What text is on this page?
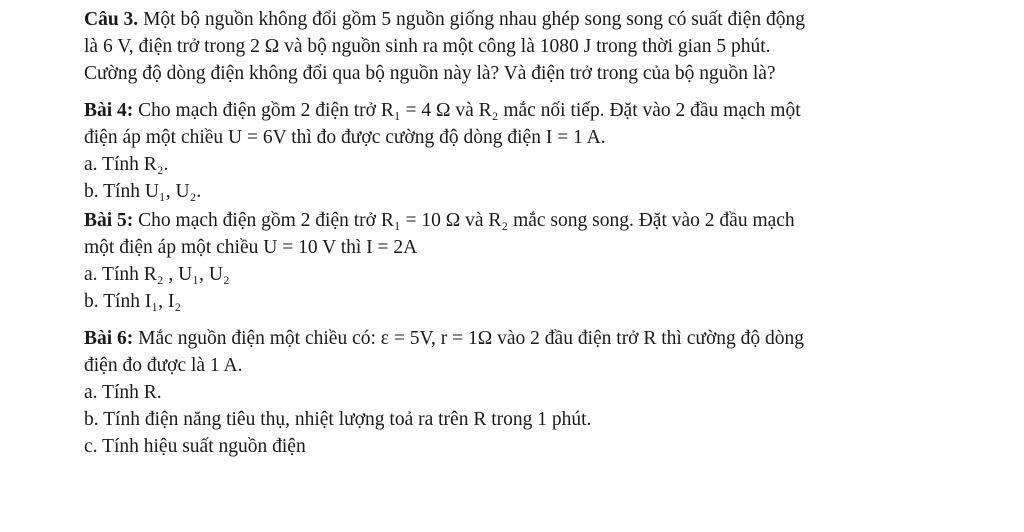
Câu 3. Một bộ nguồn không đổi gồm 5 nguồn giống nhau ghép song song có suất điện động
là 6 V, điện trở trong 2 Ω và bộ nguồn sinh ra một công là 1080 J trong thời gian 5 phút.
Cường độ dòng điện không đổi qua bộ nguồn này là? Và điện trở trong của bộ nguồn là?
Bài 4: Cho mạch điện gồm 2 điện trở R₁ = 4 Ω và R₂ mắc nối tiếp. Đặt vào 2 đầu mạch một
điện áp một chiều U = 6V thì đo được cường độ dòng điện I = 1 A.
a. Tính R₂.
b. Tính U₁, U₂.
Bài 5: Cho mạch điện gồm 2 điện trở R₁ = 10 Ω và R₂ mắc song song. Đặt vào 2 đầu mạch
một điện áp một chiều U = 10 V thì I = 2A
a. Tính R₂ , U₁, U₂
b. Tính I₁, I₂
Bài 6: Mắc nguồn điện một chiều có: ε = 5V, r = 1Ω vào 2 đầu điện trở R thì cường độ dòng
điện đo được là 1 A.
a. Tính R.
b. Tính điện năng tiêu thụ, nhiệt lượng toả ra trên R trong 1 phút.
c. Tính hiệu suất nguồn điện
